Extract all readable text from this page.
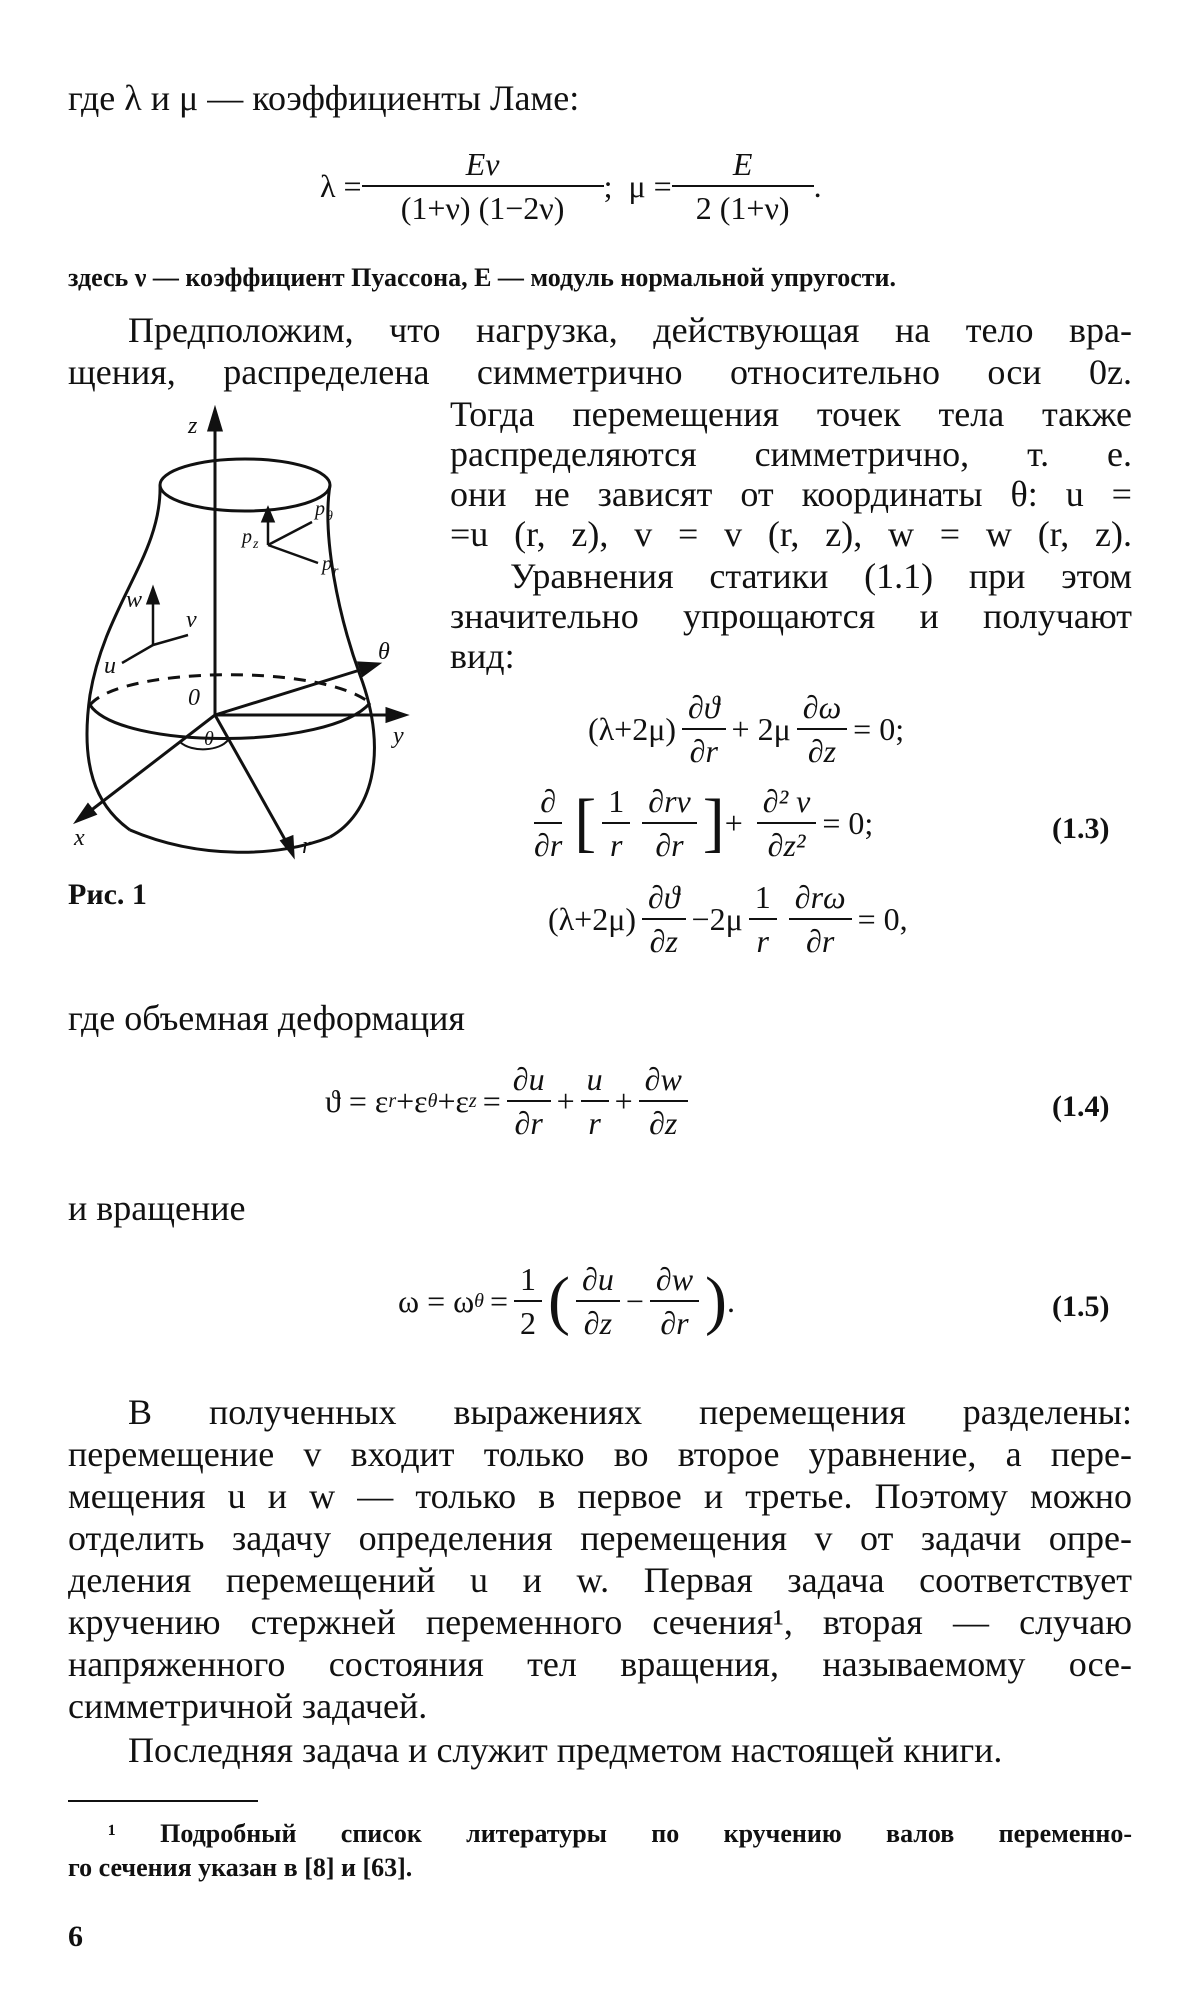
где λ и μ — коэффициенты Ламе:
$\lambda = \frac{E\nu}{(1+\nu) (1-2\nu)}$ ; $\mu = \frac{E}{2 (1+\nu)}$ .
здесь ν — коэффициент Пуассона, E — модуль нормальной упругости.
Предположим, что нагрузка, действующая на тело вра-
щения, распределена симметрично относительно оси 0z.
Тогда перемещения точек тела также
распределяются симметрично, т. е.
они не зависят от координаты θ: u =
=u (r, z), v = v (r, z), w = w (r, z).
Уравнения статики (1.1) при этом
значительно упрощаются и получают
вид:
z
p z
p θ
p r
w
v
u
0
θ
y
θ
x	r
Рис. 1
$(\lambda+2\mu) \frac{\partial ϑ}{\partial r} + 2\mu \frac{\partial\omega}{\partial z} = 0$;
$\frac{\partial}{\partial r}$ [ $\frac{1}{r} \frac{\partial rv}{\partial r}$ ] + $\frac{\text{∂² v}}{\text{∂z²}} = 0$;	(1.3)
$(\lambda+2\mu) \frac{\partial ϑ}{\partial z} -2\mu \frac{1}{r} \frac{\partial r\omega}{\partial r} = 0$,
где объемная деформация
ϑ = ε r +ε θ +ε $z = \frac{\partial u}{\partial r} + \frac{u}{r} + \frac{\partial w}{\partial z}$	(1.4)
и вращение
ω = ω $\theta = \frac{1}{2}$ ( $\frac{\partial u}{\partial z} - \frac{\partial w}{\partial r}$ ) .	(1.5)
В полученных выражениях перемещения разделены:
перемещение v входит только во второе уравнение, а пере-
мещения u и w — только в первое и третье. Поэтому можно
отделить задачу определения перемещения v от задачи опре-
деления перемещений u и w. Первая задача соответствует
кручению стержней переменного сечения¹, вторая — случаю
напряженного состояния тел вращения, называемому осе-
симметричной задачей.
Последняя задача и служит предметом настоящей книги.
¹ Подробный список литературы по кручению валов переменно-
го сечения указан в [8] и [63].
6
